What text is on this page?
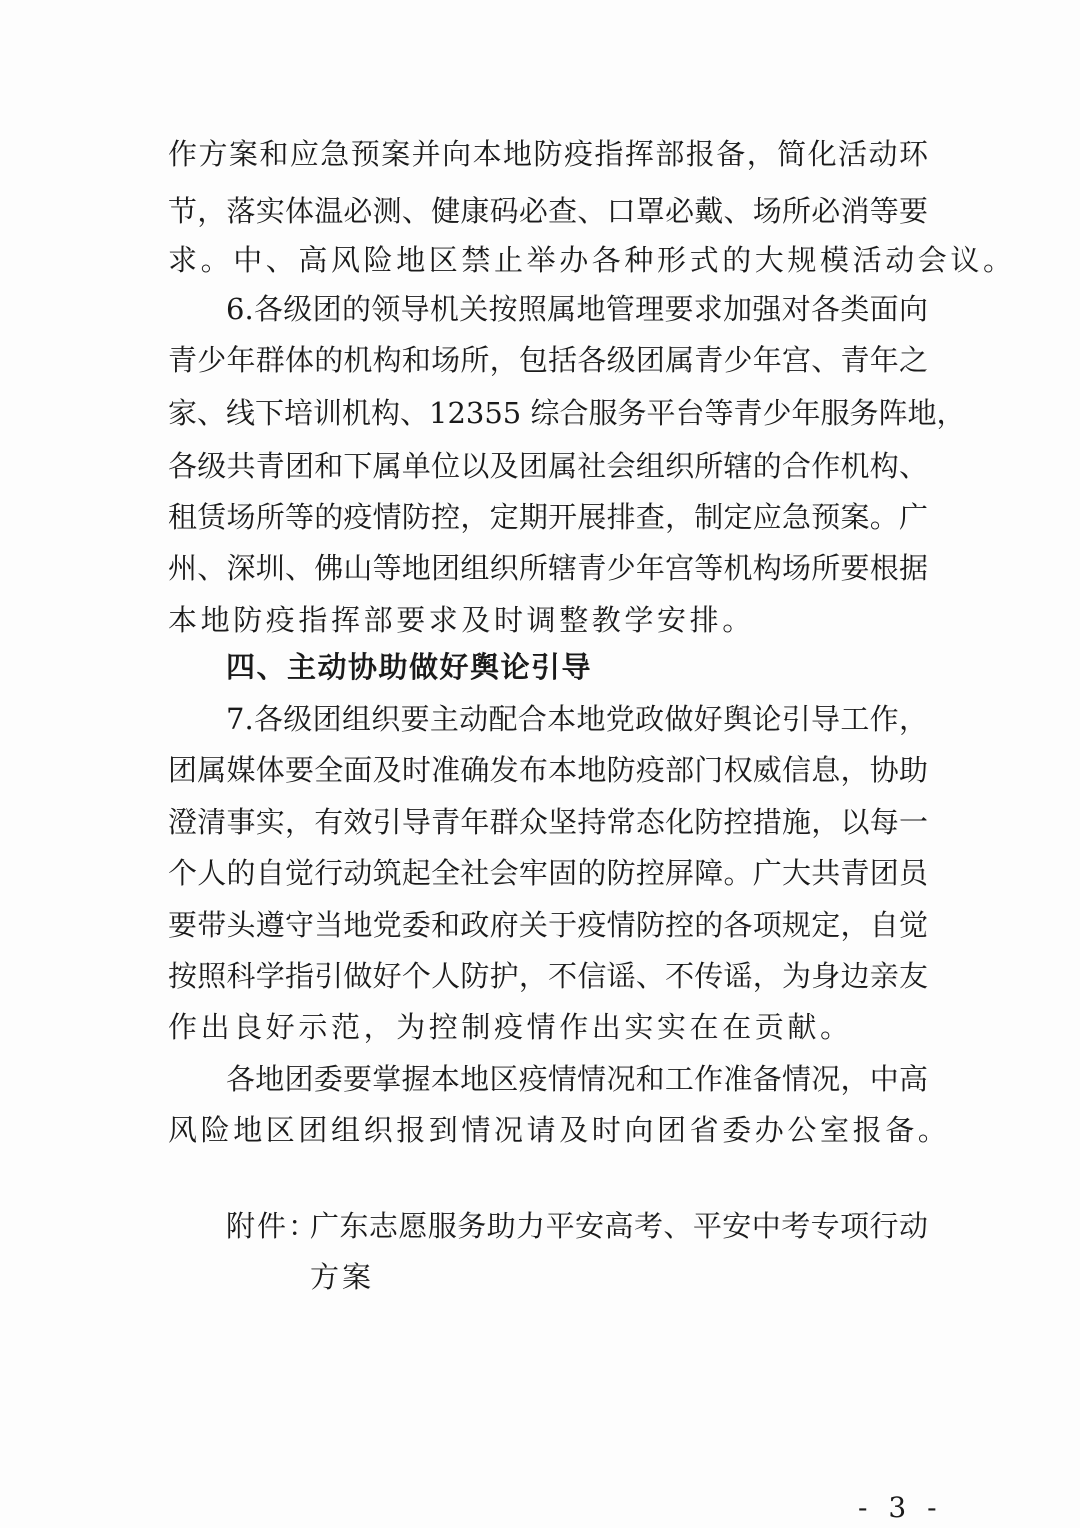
作方案和应急预案并向本地防疫指挥部报备，简化活动环
节，落实体温必测、健康码必查、口罩必戴、场所必消等要
求。中、高风险地区禁止举办各种形式的大规模活动会议。
6.各级团的领导机关按照属地管理要求加强对各类面向
青少年群体的机构和场所，包括各级团属青少年宫、青年之
家、线下培训机构、12355 综合服务平台等青少年服务阵地，
各级共青团和下属单位以及团属社会组织所辖的合作机构、
租赁场所等的疫情防控，定期开展排查，制定应急预案。广
州、深圳、佛山等地团组织所辖青少年宫等机构场所要根据
本地防疫指挥部要求及时调整教学安排。
四、主动协助做好舆论引导
7.各级团组织要主动配合本地党政做好舆论引导工作，
团属媒体要全面及时准确发布本地防疫部门权威信息，协助
澄清事实，有效引导青年群众坚持常态化防控措施，以每一
个人的自觉行动筑起全社会牢固的防控屏障。广大共青团员
要带头遵守当地党委和政府关于疫情防控的各项规定，自觉
按照科学指引做好个人防护，不信谣、不传谣，为身边亲友
作出良好示范，为控制疫情作出实实在在贡献。
各地团委要掌握本地区疫情情况和工作准备情况，中高
风险地区团组织报到情况请及时向团省委办公室报备。
附件：
广东志愿服务助力平安高考、平安中考专项行动
方案
- 3 -
